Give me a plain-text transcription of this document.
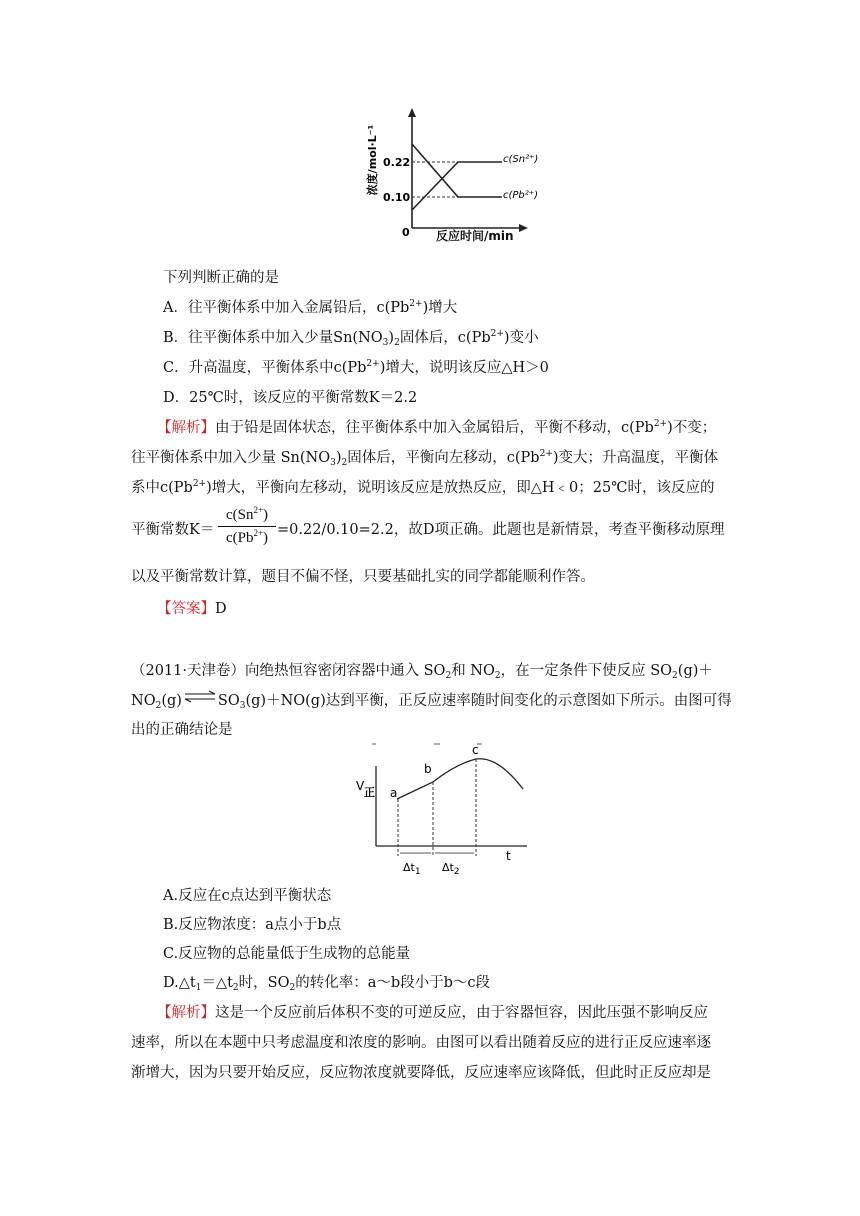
浓度/mol·L⁻¹ 0.22
0.10
0
c(Sn²⁺)
c(Pb²⁺)
反应时间/min
下列判断正确的是
A．往平衡体系中加入金属铅后，$c(Pb^{2+})$增大
B．往平衡体系中加入少量$Sn(NO_3)_2$固体后，$c(Pb^{2+})$变小
C．升高温度，平衡体系中$c(Pb^{2+})$增大，说明该反应△H＞0
D．25℃时，该反应的平衡常数K＝2.2
【解析】由于铅是固体状态，往平衡体系中加入金属铅后，平衡不移动，$c(Pb^{2+})$不变；
往平衡体系中加入少量 $Sn(NO_3)_2$固体后，平衡向左移动，$c(Pb^{2+})$变大；升高温度，平衡体
系中$c(Pb^{2+})$增大，平衡向左移动，说明该反应是放热反应，即△H﹤0；25℃时，该反应的
平衡常数K＝
$c(Sn^{2+})$
$c(Pb^{2+}) =0.22/0.10=2.2$，故D项正确。此题也是新情景，考查平衡移动原理
以及平衡常数计算，题目不偏不怪，只要基础扎实的同学都能顺利作答。
【答案】D
（2011·天津卷）向绝热恒容密闭容器中通入 $SO_2$和 $NO_2$，在一定条件下使反应 $SO_2(g)+$
$NO_2(g)$ ⇌ $SO_3(g)+NO(g)$达到平衡，正反应速率随时间变化的示意图如下所示。由图可得
出的正确结论是
V 正 a
b
c
$\Delta t_1$ $\Delta t_2$
t
A.反应在c点达到平衡状态
B.反应物浓度：a点小于b点
C.反应物的总能量低于生成物的总能量
$D.\triangle t_1=\triangle t_2$时，$SO_2$的转化率：a～b段小于b～c段
【解析】这是一个反应前后体积不变的可逆反应，由于容器恒容，因此压强不影响反应
速率，所以在本题中只考虑温度和浓度的影响。由图可以看出随着反应的进行正反应速率逐
渐增大，因为只要开始反应，反应物浓度就要降低，反应速率应该降低，但此时正反应却是
